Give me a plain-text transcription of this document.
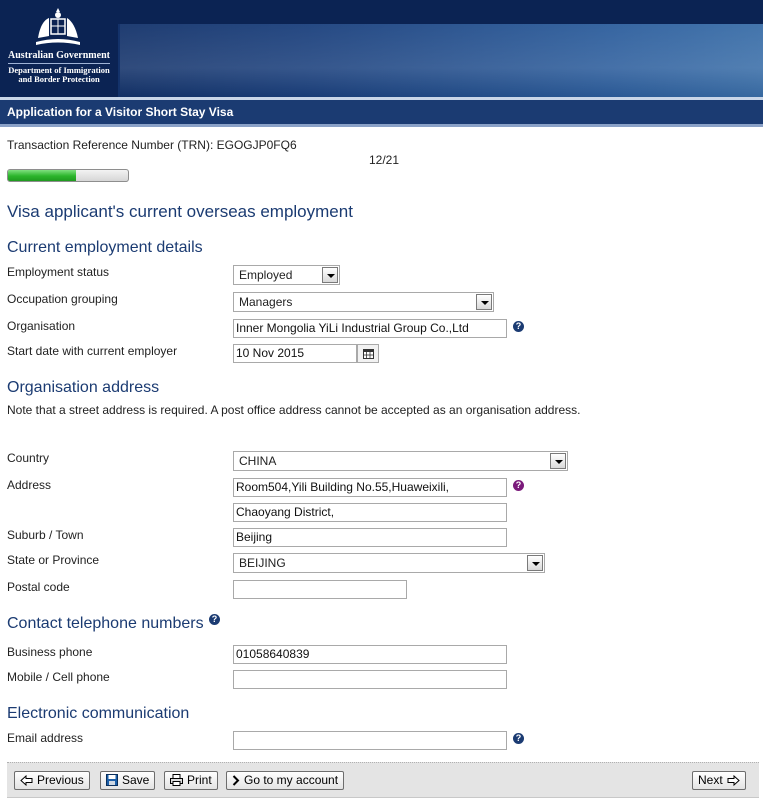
Australian Government
Department of Immigration
and Border Protection
Application for a Visitor Short Stay Visa
Transaction Reference Number (TRN): EGOGJP0FQ6
12/21
Visa applicant's current overseas employment
Current employment details
Employment status	Employed
Occupation grouping	Managers
Organisation	Inner Mongolia YiLi Industrial Group Co.,Ltd	?
Start date with current employer	10 Nov 2015
Organisation address
Note that a street address is required. A post office address cannot be accepted as an organisation address.
Country	CHINA
Address	Room504,Yili Building No.55,Huaweixili,	?
Chaoyang District,
Suburb / Town	Beijing
State or Province	BEIJING
Postal code
Contact telephone numbers ?
Business phone	01058640839
Mobile / Cell phone
Electronic communication
Email address	?
Previous	Save	Print	Go to my account	Next
